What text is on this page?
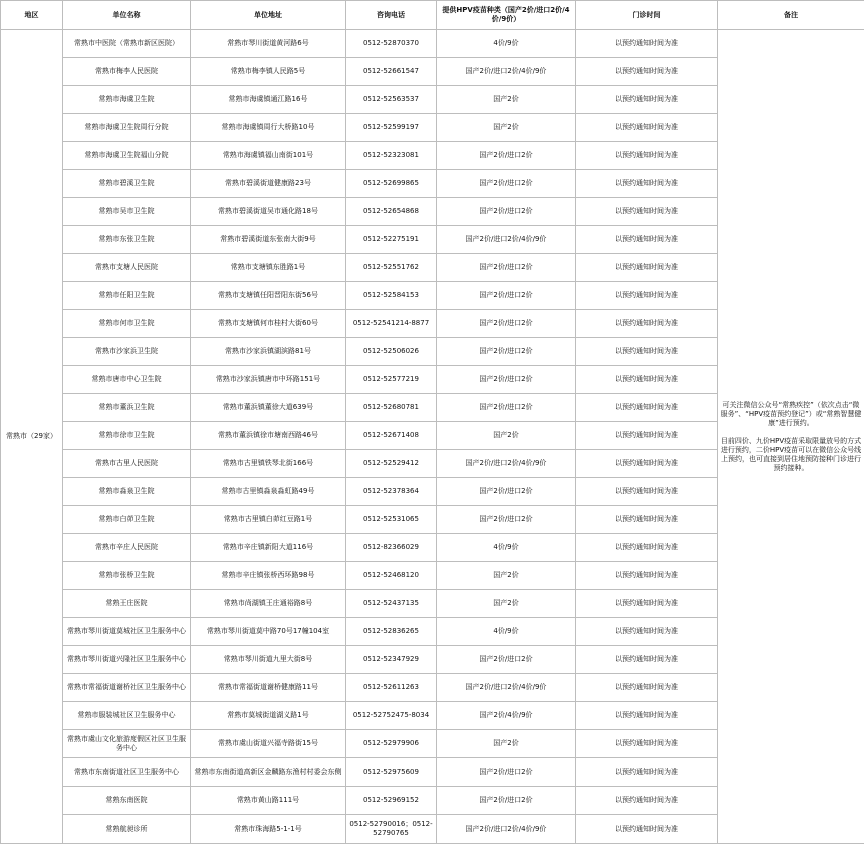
地区	单位名称	单位地址	咨询电话	提供HPV疫苗种类（国产2价/进口2价/4价/9价）	门诊时间	备注
常熟市（29家）	常熟市中医院（常熟市新区医院）	常熟市琴川街道黄河路6号	0512-52870370	4价/9价	以预约通知时间为准	可关注微信公众号“常熟疾控”（依次点击“微服务”、“HPV疫苗预约登记”）或“常熟智慧健康”进行预约。

目前四价、九价HPV疫苗采取限量放号的方式进行预约，二价HPV疫苗可以在微信公众号线上预约，也可直接到居住地预防接种门诊进行预约接种。

	常熟市梅李人民医院	常熟市梅李镇人民路5号	0512-52661547	国产2价/进口2价/4价/9价	以预约通知时间为准	
	常熟市海虞卫生院	常熟市海虞镇通江路16号	0512-52563537	国产2价	以预约通知时间为准	
	常熟市海虞卫生院周行分院	常熟市海虞镇周行大桥路10号	0512-52599197	国产2价	以预约通知时间为准	
	常熟市海虞卫生院福山分院	常熟市海虞镇福山南街101号	0512-52323081	国产2价/进口2价	以预约通知时间为准	
	常熟市碧溪卫生院	常熟市碧溪街道健康路23号	0512-52699865	国产2价/进口2价	以预约通知时间为准	
	常熟市吴市卫生院	常熟市碧溪街道吴市通化路18号	0512-52654868	国产2价/进口2价	以预约通知时间为准	
	常熟市东张卫生院	常熟市碧溪街道东张南大街9号	0512-52275191	国产2价/进口2价/4价/9价	以预约通知时间为准	
	常熟市支塘人民医院	常熟市支塘镇东胜路1号	0512-52551762	国产2价/进口2价	以预约通知时间为准	
	常熟市任阳卫生院	常熟市支塘镇任阳晋阳东街56号	0512-52584153	国产2价/进口2价	以预约通知时间为准	
	常熟市何市卫生院	常熟市支塘镇何市桂村大街60号	0512-52541214-8877	国产2价/进口2价	以预约通知时间为准	
	常熟市沙家浜卫生院	常熟市沙家浜镇湖滨路81号	0512-52506026	国产2价/进口2价	以预约通知时间为准	
	常熟市唐市中心卫生院	常熟市沙家浜镇唐市中环路151号	0512-52577219	国产2价/进口2价	以预约通知时间为准	
	常熟市董浜卫生院	常熟市董浜镇董徐大道639号	0512-52680781	国产2价/进口2价	以预约通知时间为准	
	常熟市徐市卫生院	常熟市董浜镇徐市塘南西路46号	0512-52671408	国产2价	以预约通知时间为准	
	常熟市古里人民医院	常熟市古里镇铁琴北街166号	0512-52529412	国产2价/进口2价/4价/9价	以预约通知时间为准	
	常熟市淼泉卫生院	常熟市古里镇淼泉淼虹路49号	0512-52378364	国产2价/进口2价	以预约通知时间为准	
	常熟市白茆卫生院	常熟市古里镇白茆红豆路1号	0512-52531065	国产2价/进口2价	以预约通知时间为准	
	常熟市辛庄人民医院	常熟市辛庄镇新阳大道116号	0512-82366029	4价/9价	以预约通知时间为准	
	常熟市张桥卫生院	常熟市辛庄镇张桥西环路98号	0512-52468120	国产2价	以预约通知时间为准	
	常熟王庄医院	常熟市尚湖镇王庄通裕路8号	0512-52437135	国产2价	以预约通知时间为准	
	常熟市琴川街道莫城社区卫生服务中心	常熟市琴川街道莫中路70号17幢104室	0512-52836265	4价/9价	以预约通知时间为准	
	常熟市琴川街道兴隆社区卫生服务中心	常熟市琴川街道九里大街8号	0512-52347929	国产2价/进口2价	以预约通知时间为准	
	常熟市常福街道谢桥社区卫生服务中心	常熟市常福街道谢桥健康路11号	0512-52611263	国产2价/进口2价/4价/9价	以预约通知时间为准	
	常熟市服装城社区卫生服务中心	常熟市莫城街道湖义路1号	0512-52752475-8034	国产2价/4价/9价	以预约通知时间为准	
	常熟市虞山文化旅游度假区社区卫生服务中心	常熟市虞山街道兴福寺路街15号	0512-52979906	国产2价	以预约通知时间为准	
	常熟市东南街道社区卫生服务中心	常熟市东南街道高新区金麟路东渔村村委会东侧	0512-52975609	国产2价/进口2价	以预约通知时间为准	
	常熟东南医院	常熟市黄山路111号	0512-52969152	国产2价/进口2价	以预约通知时间为准	
	常熟航昶诊所	常熟市珠海路5-1-1号	0512-52790016；0512-52790765	国产2价/进口2价/4价/9价	以预约通知时间为准	
